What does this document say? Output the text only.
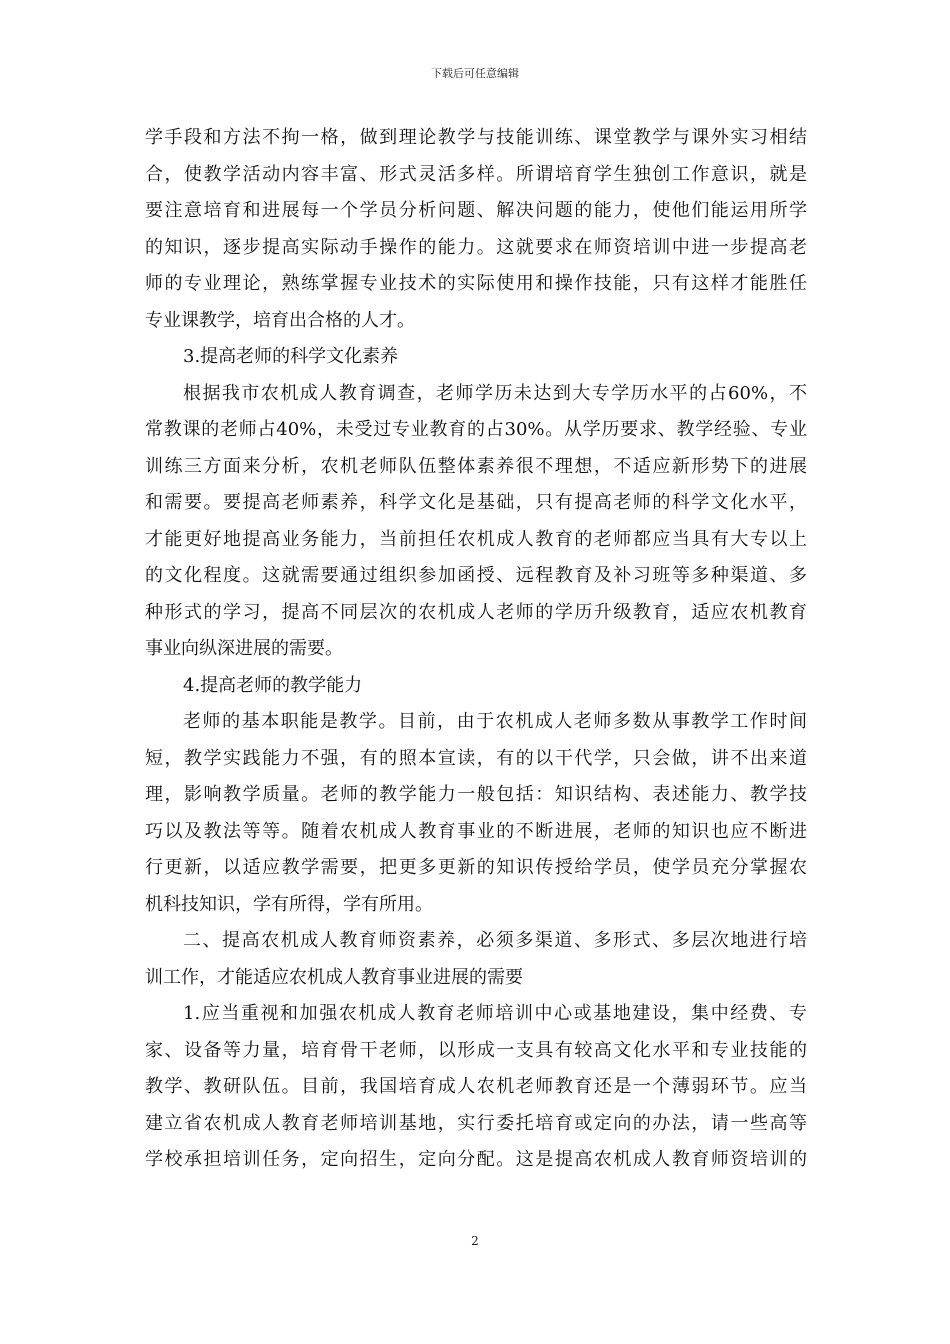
下载后可任意编辑
学手段和方法不拘一格，做到理论教学与技能训练、课堂教学与课外实习相结
合，使教学活动内容丰富、形式灵活多样。所谓培育学生独创工作意识，就是
要注意培育和进展每一个学员分析问题、解决问题的能力，使他们能运用所学
的知识，逐步提高实际动手操作的能力。这就要求在师资培训中进一步提高老
师的专业理论，熟练掌握专业技术的实际使用和操作技能，只有这样才能胜任
专业课教学，培育出合格的人才。
3.提高老师的科学文化素养
根据我市农机成人教育调查，老师学历未达到大专学历水平的占60%，不
常教课的老师占40%，未受过专业教育的占30%。从学历要求、教学经验、专业
训练三方面来分析，农机老师队伍整体素养很不理想，不适应新形势下的进展
和需要。要提高老师素养，科学文化是基础，只有提高老师的科学文化水平，
才能更好地提高业务能力，当前担任农机成人教育的老师都应当具有大专以上
的文化程度。这就需要通过组织参加函授、远程教育及补习班等多种渠道、多
种形式的学习，提高不同层次的农机成人老师的学历升级教育，适应农机教育
事业向纵深进展的需要。
4.提高老师的教学能力
老师的基本职能是教学。目前，由于农机成人老师多数从事教学工作时间
短，教学实践能力不强，有的照本宣读，有的以干代学，只会做，讲不出来道
理，影响教学质量。老师的教学能力一般包括：知识结构、表述能力、教学技
巧以及教法等等。随着农机成人教育事业的不断进展，老师的知识也应不断进
行更新，以适应教学需要，把更多更新的知识传授给学员，使学员充分掌握农
机科技知识，学有所得，学有所用。
二、提高农机成人教育师资素养，必须多渠道、多形式、多层次地进行培
训工作，才能适应农机成人教育事业进展的需要
1.应当重视和加强农机成人教育老师培训中心或基地建设，集中经费、专
家、设备等力量，培育骨干老师，以形成一支具有较高文化水平和专业技能的
教学、教研队伍。目前，我国培育成人农机老师教育还是一个薄弱环节。应当
建立省农机成人教育老师培训基地，实行委托培育或定向的办法，请一些高等
学校承担培训任务，定向招生，定向分配。这是提高农机成人教育师资培训的
2
